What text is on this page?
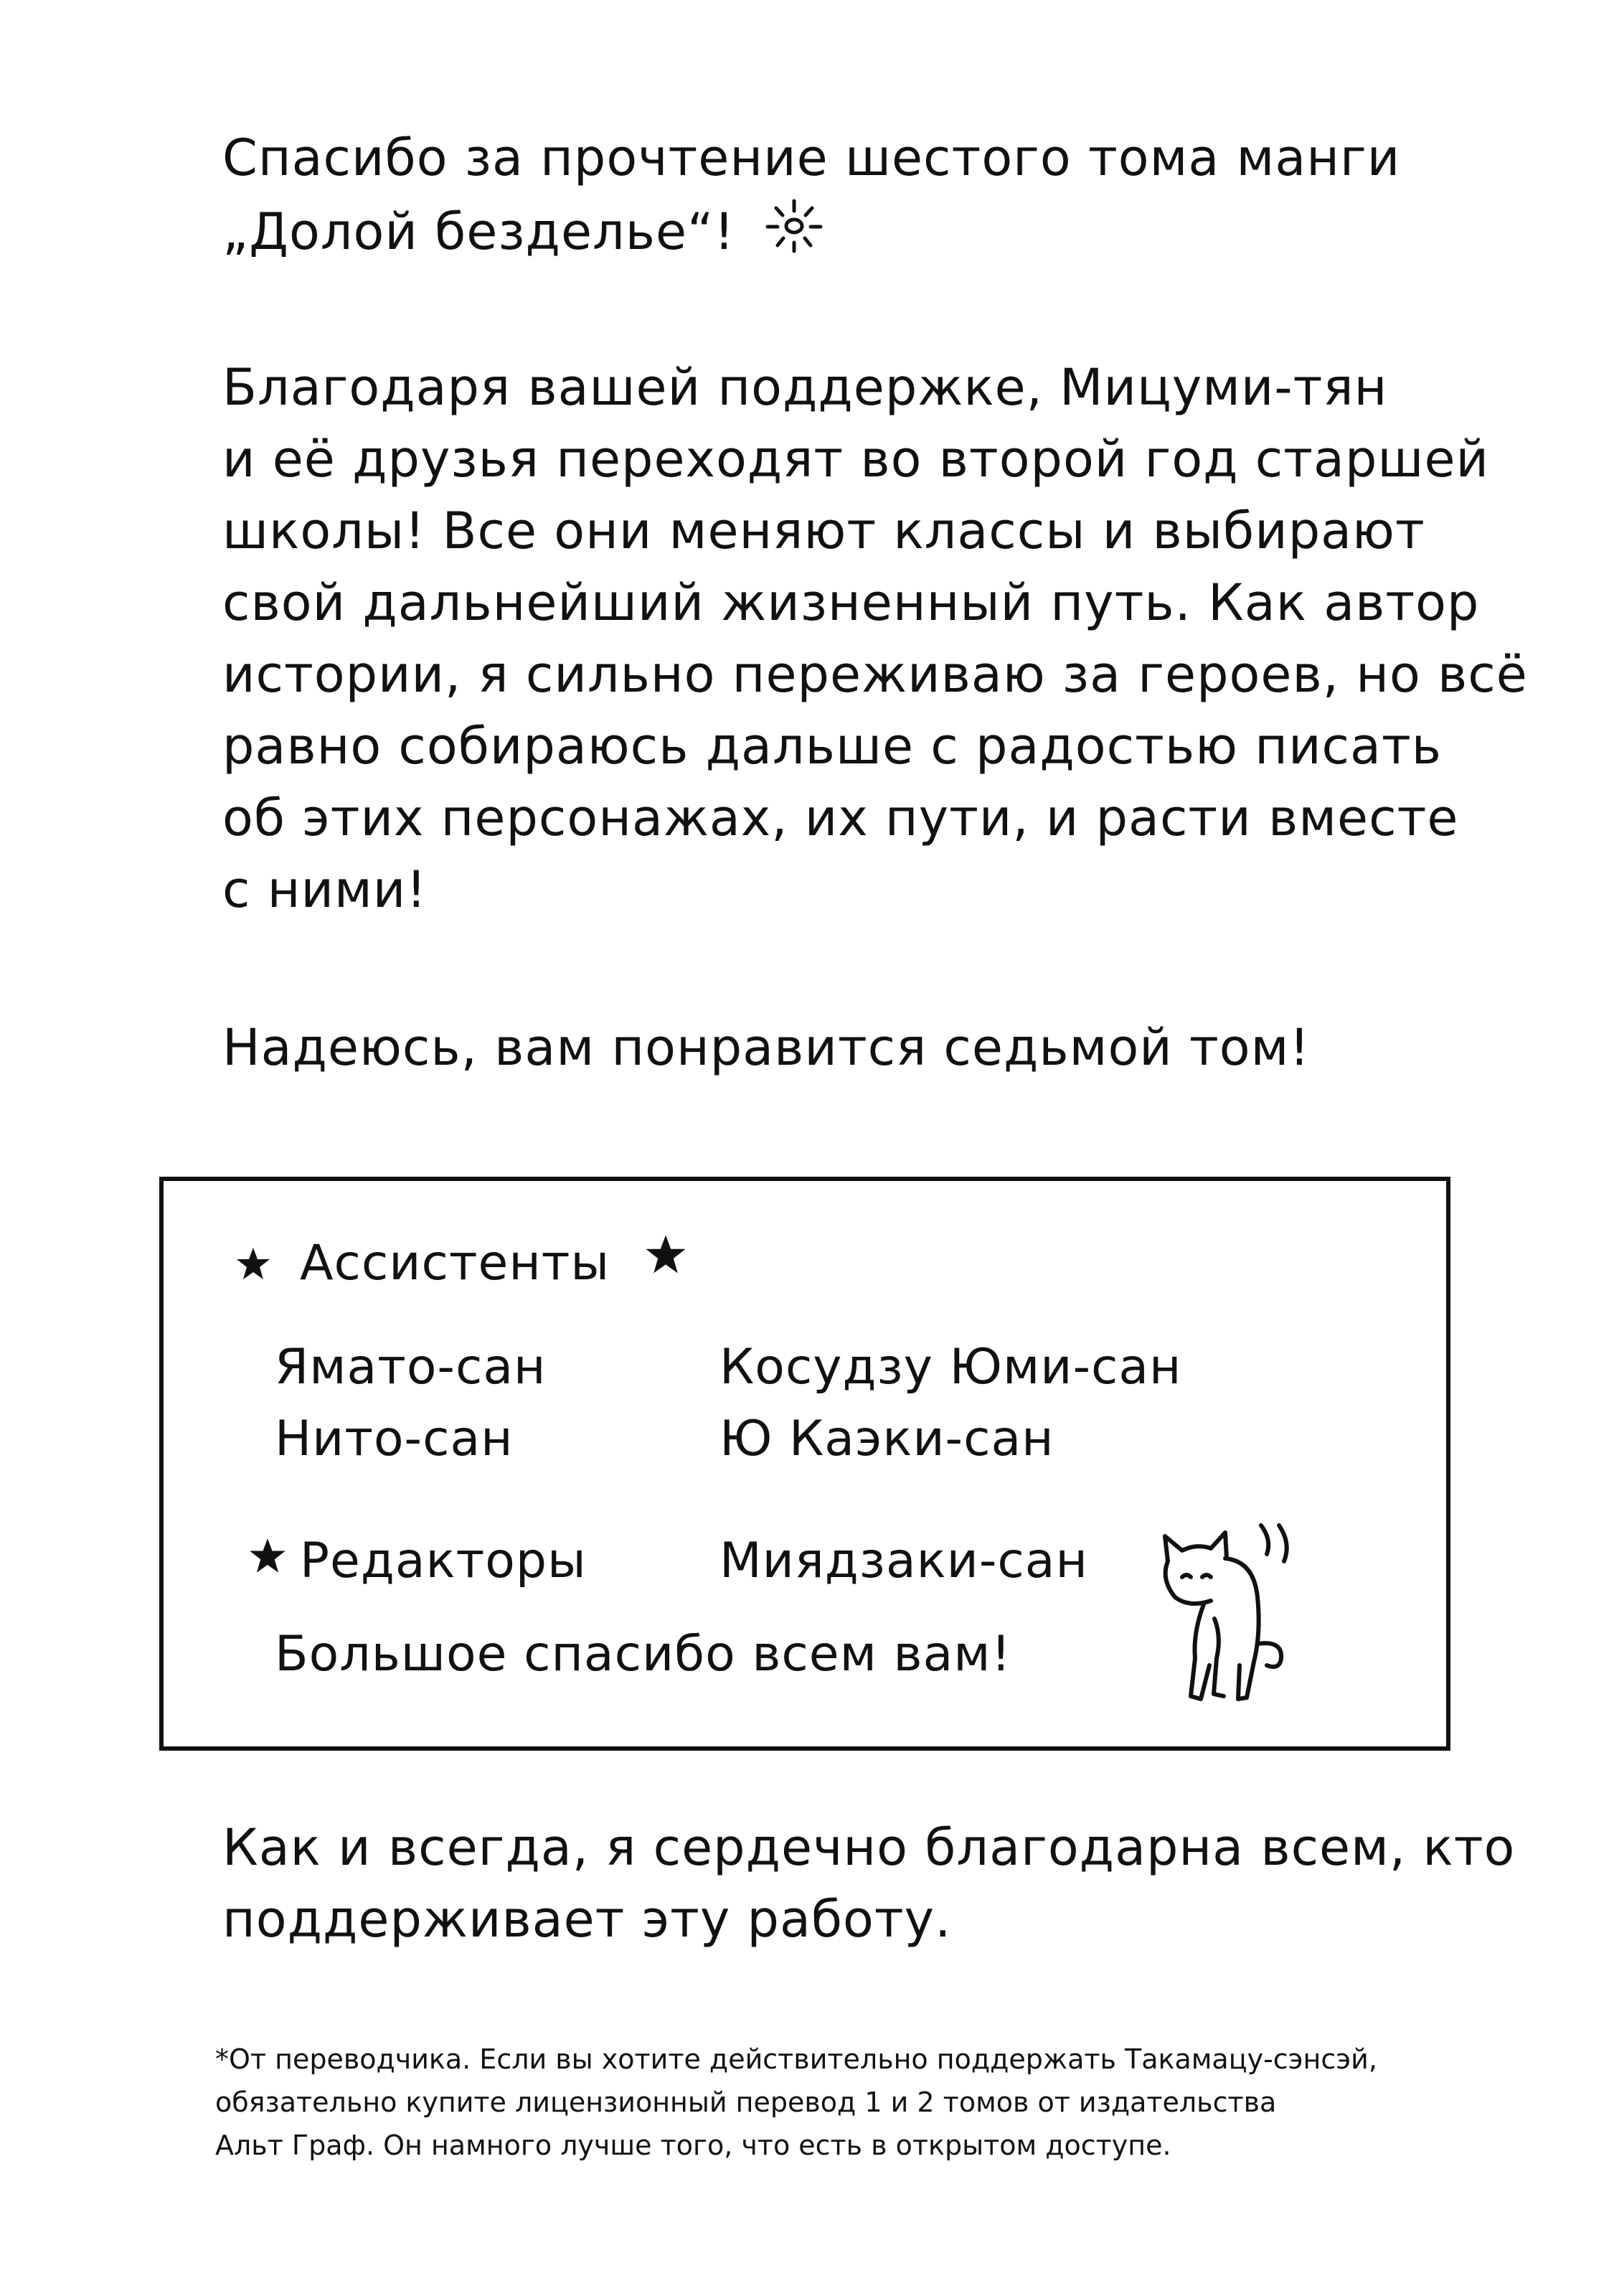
Спасибо за прочтение шестого тома манги
„Долой безделье“!
Благодаря вашей поддержке, Мицуми-тян
и её друзья переходят во второй год старшей
школы! Все они меняют классы и выбирают
свой дальнейший жизненный путь. Как автор
истории, я сильно переживаю за героев, но всё
равно собираюсь дальше с радостью писать
об этих персонажах, их пути, и расти вместе
с ними!
Надеюсь, вам понравится седьмой том!
Ассистенты
Ямато-сан	Косудзу Юми-сан
Нито-сан	Ю Каэки-сан
Редакторы	Миядзаки-сан
Большое спасибо всем вам!
Как и всегда, я сердечно благодарна всем, кто
поддерживает эту работу.
*От переводчика. Если вы хотите действительно поддержать Такамацу-сэнсэй,
обязательно купите лицензионный перевод 1 и 2 томов от издательства
Альт Граф. Он намного лучше того, что есть в открытом доступе.
